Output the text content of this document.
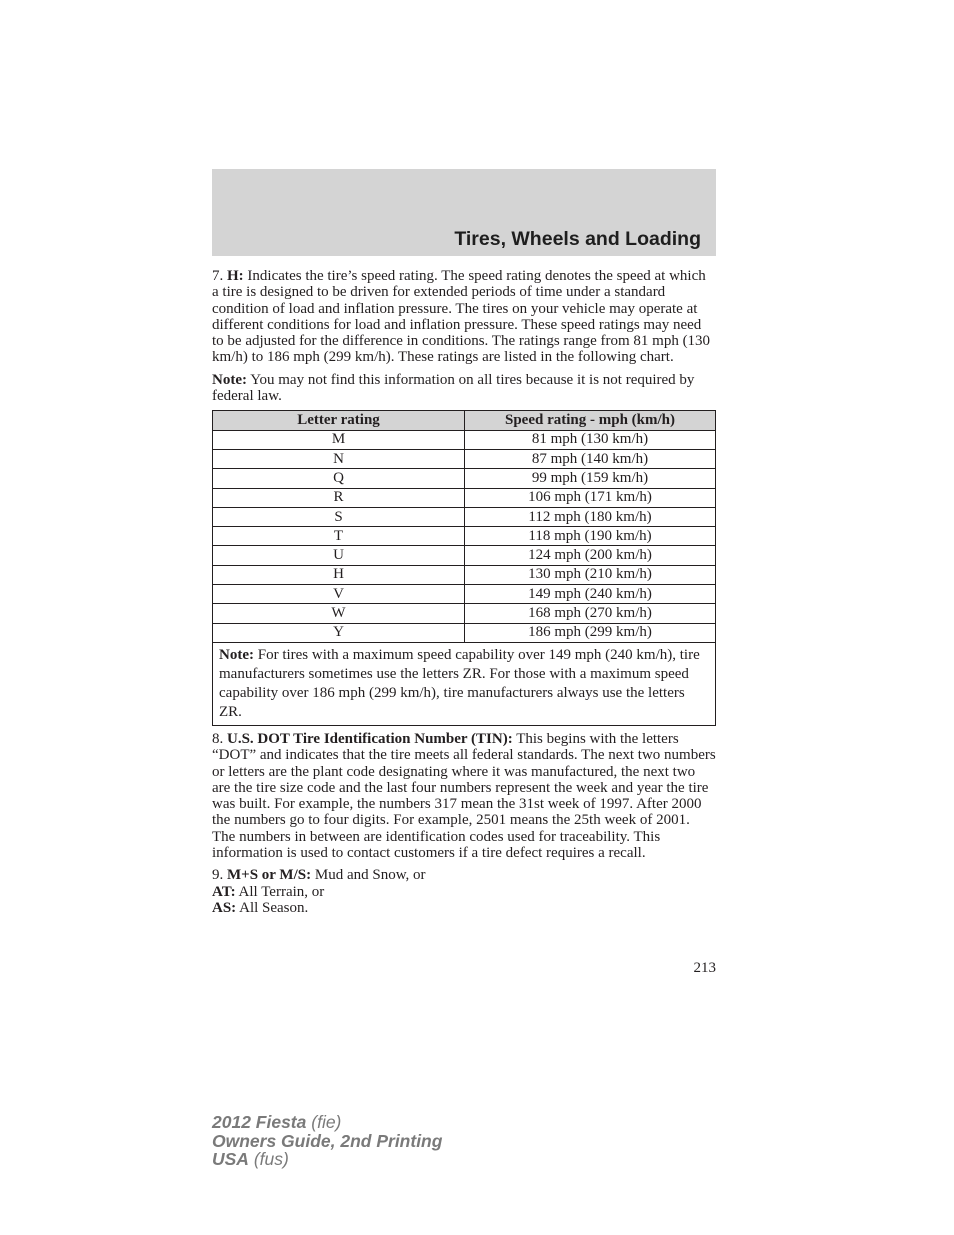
Tires, Wheels and Loading

7. H: Indicates the tire’s speed rating. The speed rating denotes the speed at which a tire is designed to be driven for extended periods of time under a standard condition of load and inflation pressure. The tires on your vehicle may operate at different conditions for load and inflation pressure. These speed ratings may need to be adjusted for the difference in conditions. The ratings range from 81 mph (130 km/h) to 186 mph (299 km/h). These ratings are listed in the following chart.

Note: You may not find this information on all tires because it is not required by federal law.

Letter rating	Speed rating - mph (km/h)
M	81 mph (130 km/h)
N	87 mph (140 km/h)
Q	99 mph (159 km/h)
R	106 mph (171 km/h)
S	112 mph (180 km/h)
T	118 mph (190 km/h)
U	124 mph (200 km/h)
H	130 mph (210 km/h)
V	149 mph (240 km/h)
W	168 mph (270 km/h)
Y	186 mph (299 km/h)
Note: For tires with a maximum speed capability over 149 mph (240 km/h), tire manufacturers sometimes use the letters ZR. For those with a maximum speed capability over 186 mph (299 km/h), tire manufacturers always use the letters ZR.	

8. U.S. DOT Tire Identification Number (TIN): This begins with the letters “DOT” and indicates that the tire meets all federal standards. The next two numbers or letters are the plant code designating where it was manufactured, the next two are the tire size code and the last four numbers represent the week and year the tire was built. For example, the numbers 317 mean the 31st week of 1997. After 2000 the numbers go to four digits. For example, 2501 means the 25th week of 2001. The numbers in between are identification codes used for traceability. This information is used to contact customers if a tire defect requires a recall.

9. M+S or M/S: Mud and Snow, or
AT: All Terrain, or
AS: All Season.

213
2012 Fiesta (fie)
Owners Guide, 2nd Printing
USA (fus)
